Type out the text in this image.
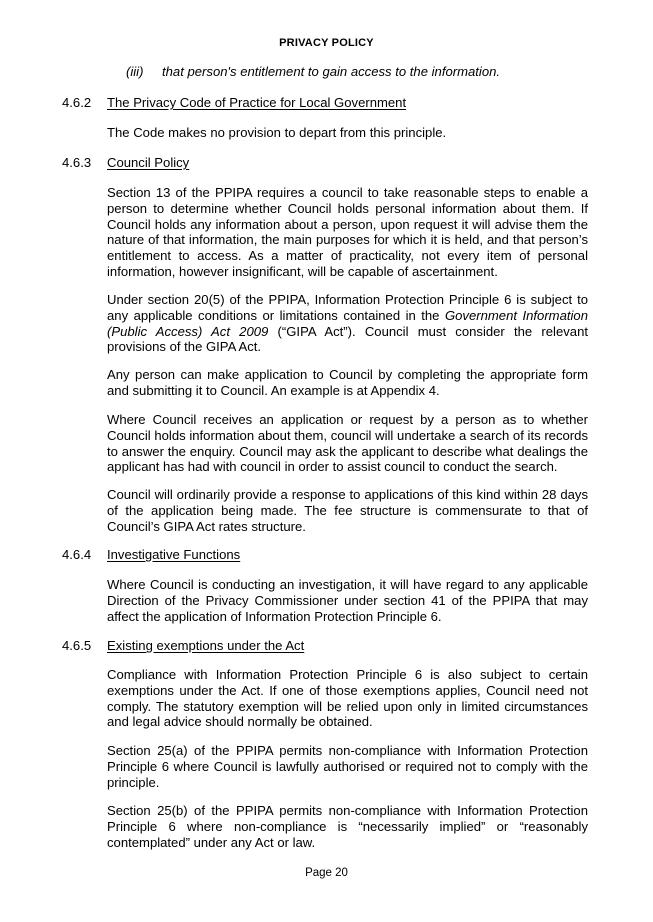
PRIVACY POLICY
(iii) that person's entitlement to gain access to the information.
4.6.2 The Privacy Code of Practice for Local Government
The Code makes no provision to depart from this principle.
4.6.3 Council Policy
Section 13 of the PPIPA requires a council to take reasonable steps to enable a person to determine whether Council holds personal information about them. If Council holds any information about a person, upon request it will advise them the nature of that information, the main purposes for which it is held, and that person’s entitlement to access. As a matter of practicality, not every item of personal information, however insignificant, will be capable of ascertainment.
Under section 20(5) of the PPIPA, Information Protection Principle 6 is subject to any applicable conditions or limitations contained in the Government Information (Public Access) Act 2009 (“GIPA Act”). Council must consider the relevant provisions of the GIPA Act.
Any person can make application to Council by completing the appropriate form and submitting it to Council. An example is at Appendix 4.
Where Council receives an application or request by a person as to whether Council holds information about them, council will undertake a search of its records to answer the enquiry. Council may ask the applicant to describe what dealings the applicant has had with council in order to assist council to conduct the search.
Council will ordinarily provide a response to applications of this kind within 28 days of the application being made. The fee structure is commensurate to that of Council’s GIPA Act rates structure.
4.6.4 Investigative Functions
Where Council is conducting an investigation, it will have regard to any applicable Direction of the Privacy Commissioner under section 41 of the PPIPA that may affect the application of Information Protection Principle 6.
4.6.5 Existing exemptions under the Act
Compliance with Information Protection Principle 6 is also subject to certain exemptions under the Act. If one of those exemptions applies, Council need not comply. The statutory exemption will be relied upon only in limited circumstances and legal advice should normally be obtained.
Section 25(a) of the PPIPA permits non-compliance with Information Protection Principle 6 where Council is lawfully authorised or required not to comply with the principle.
Section 25(b) of the PPIPA permits non-compliance with Information Protection Principle 6 where non-compliance is “necessarily implied” or “reasonably contemplated” under any Act or law.
Page 20
